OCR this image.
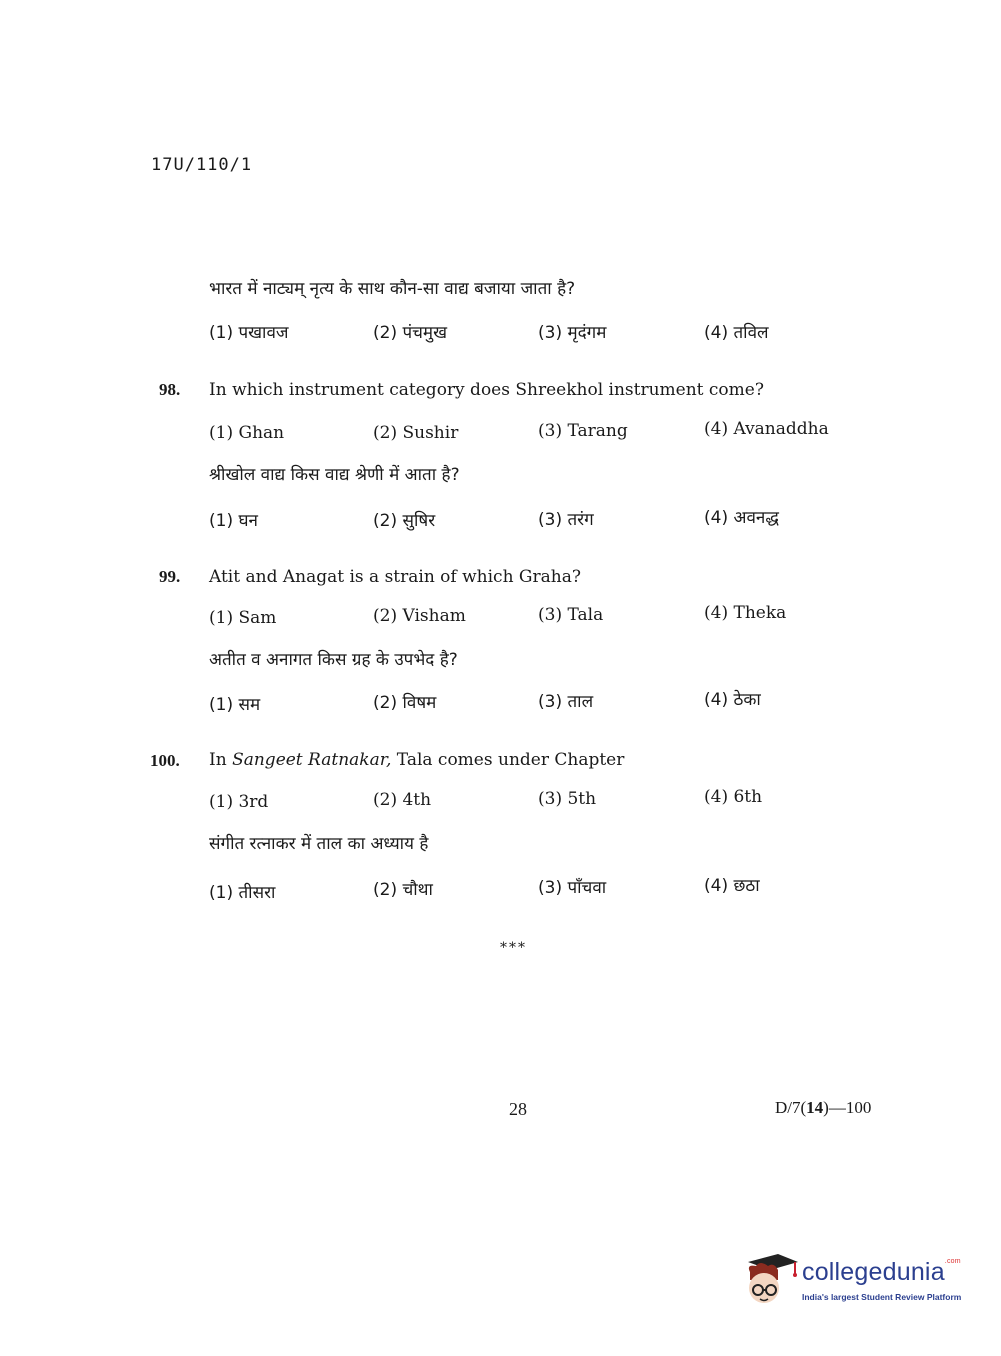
17U/110/1
भारत में नाट्यम् नृत्य के साथ कौन-सा वाद्य बजाया जाता है?
(1) पखावज	(2) पंचमुख	(3) मृदंगम	(4) तविल
98. In which instrument category does Shreekhol instrument come?
(1) Ghan	(2) Sushir	(3) Tarang	(4) Avanaddha
श्रीखोल वाद्य किस वाद्य श्रेणी में आता है?
(1) घन	(2) सुषिर	(3) तरंग	(4) अवनद्ध
99. Atit and Anagat is a strain of which Graha?
(1) Sam	(2) Visham	(3) Tala	(4) Theka
अतीत व अनागत किस ग्रह के उपभेद है?
(1) सम	(2) विषम	(3) ताल	(4) ठेका
100. In Sangeet Ratnakar, Tala comes under Chapter
(1) 3rd	(2) 4th	(3) 5th	(4) 6th
संगीत रत्नाकर में ताल का अध्याय है
(1) तीसरा	(2) चौथा	(3) पाँचवा	(4) छठा
***
28	D/7(14)—100
collegedunia$^{.com}$
India's largest Student Review Platform
